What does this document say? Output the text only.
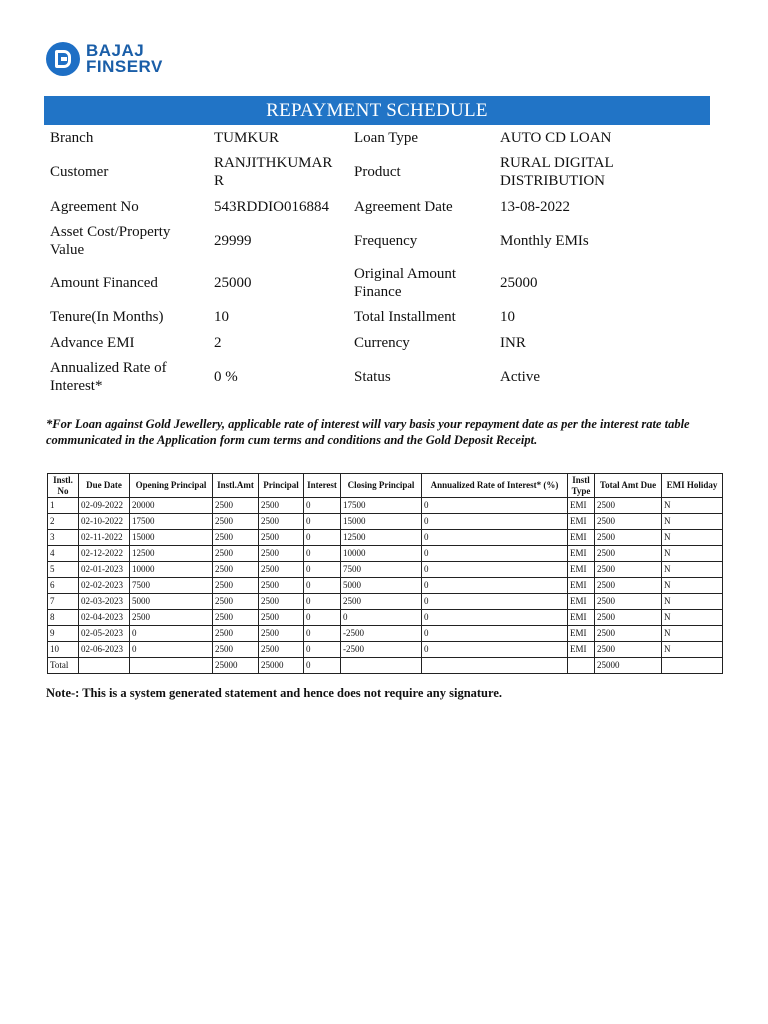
BAJAJ
FINSERV
REPAYMENT SCHEDULE
Branch	TUMKUR	Loan Type	AUTO CD LOAN
Customer	RANJITHKUMAR R	Product	RURAL DIGITAL DISTRIBUTION
Agreement No	543RDDIO016884	Agreement Date	13-08-2022
Asset Cost/Property Value	29999	Frequency	Monthly EMIs
Amount Financed	25000	Original Amount Finance	25000
Tenure(In Months)	10	Total Installment	10
Advance EMI	2	Currency	INR
Annualized Rate of Interest*	0 %	Status	Active
*For Loan against Gold Jewellery, applicable rate of interest will vary basis your repayment date as per the interest rate table communicated in the Application form cum terms and conditions and the Gold Deposit Receipt.
Instl. No	Due Date	Opening Principal	Instl.Amt	Principal	Interest	Closing Principal	Annualized Rate of Interest* (%)	Instl Type	Total Amt Due	EMI Holiday
1	02-09-2022	20000	2500	2500	0	17500	0	EMI	2500	N
2	02-10-2022	17500	2500	2500	0	15000	0	EMI	2500	N
3	02-11-2022	15000	2500	2500	0	12500	0	EMI	2500	N
4	02-12-2022	12500	2500	2500	0	10000	0	EMI	2500	N
5	02-01-2023	10000	2500	2500	0	7500	0	EMI	2500	N
6	02-02-2023	7500	2500	2500	0	5000	0	EMI	2500	N
7	02-03-2023	5000	2500	2500	0	2500	0	EMI	2500	N
8	02-04-2023	2500	2500	2500	0	0	0	EMI	2500	N
9	02-05-2023	0	2500	2500	0	-2500	0	EMI	2500	N
10	02-06-2023	0	2500	2500	0	-2500	0	EMI	2500	N
Total			25000	25000	0				25000	
Note-: This is a system generated statement and hence does not require any signature.
